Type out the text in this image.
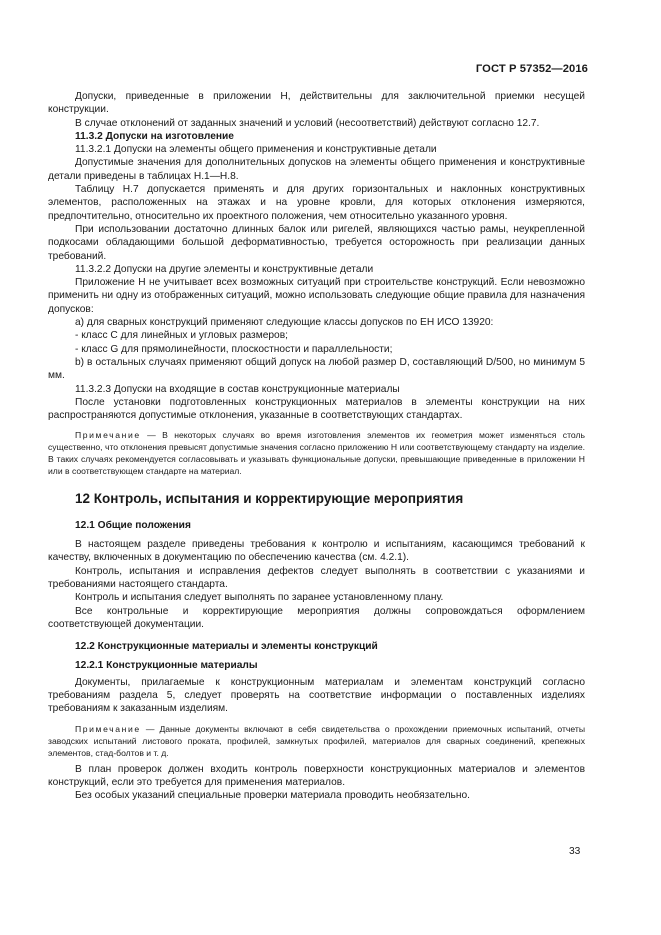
ГОСТ Р 57352—2016

Допуски, приведенные в приложении Н, действительны для заключительной приемки несущей конструкции.

В случае отклонений от заданных значений и условий (несоответствий) действуют согласно 12.7.

11.3.2 Допуски на изготовление

11.3.2.1 Допуски на элементы общего применения и конструктивные детали

Допустимые значения для дополнительных допусков на элементы общего применения и конструктивные детали приведены в таблицах Н.1—Н.8.

Таблицу Н.7 допускается применять и для других горизонтальных и наклонных конструктивных элементов, расположенных на этажах и на уровне кровли, для которых отклонения измеряются, предпочтительно, относительно их проектного положения, чем относительно указанного уровня.

При использовании достаточно длинных балок или ригелей, являющихся частью рамы, неукрепленной подкосами обладающими большой деформативностью, требуется осторожность при реализации данных требований.

11.3.2.2 Допуски на другие элементы и конструктивные детали

Приложение Н не учитывает всех возможных ситуаций при строительстве конструкций. Если невозможно применить ни одну из отображенных ситуаций, можно использовать следующие общие правила для назначения допусков:

а) для сварных конструкций применяют следующие классы допусков по ЕН ИСО 13920:

- класс С для линейных и угловых размеров;

- класс G для прямолинейности, плоскостности и параллельности;

b) в остальных случаях применяют общий допуск на любой размер D, составляющий D/500, но минимум 5 мм.

11.3.2.3 Допуски на входящие в состав конструкционные материалы

После установки подготовленных конструкционных материалов в элементы конструкции на них распространяются допустимые отклонения, указанные в соответствующих стандартах.

Примечание — В некоторых случаях во время изготовления элементов их геометрия может изменяться столь существенно, что отклонения превысят допустимые значения согласно приложению Н или соответствующему стандарту на изделие. В таких случаях рекомендуется согласовывать и указывать функциональные допуски, превышающие приведенные в приложении Н или в соответствующем стандарте на материал.

12 Контроль, испытания и корректирующие мероприятия

12.1 Общие положения

В настоящем разделе приведены требования к контролю и испытаниям, касающимся требований к качеству, включенных в документацию по обеспечению качества (см. 4.2.1).

Контроль, испытания и исправления дефектов следует выполнять в соответствии с указаниями и требованиями настоящего стандарта.

Контроль и испытания следует выполнять по заранее установленному плану.

Все контрольные и корректирующие мероприятия должны сопровождаться оформлением соответствующей документации.

12.2 Конструкционные материалы и элементы конструкций

12.2.1 Конструкционные материалы

Документы, прилагаемые к конструкционным материалам и элементам конструкций согласно требованиям раздела 5, следует проверять на соответствие информации о поставленных изделиях требованиям к заказанным изделиям.

Примечание — Данные документы включают в себя свидетельства о прохождении приемочных испытаний, отчеты заводских испытаний листового проката, профилей, замкнутых профилей, материалов для сварных соединений, крепежных элементов, стад-болтов и т. д.

В план проверок должен входить контроль поверхности конструкционных материалов и элементов конструкций, если это требуется для применения материалов.

Без особых указаний специальные проверки материала проводить необязательно.

33
